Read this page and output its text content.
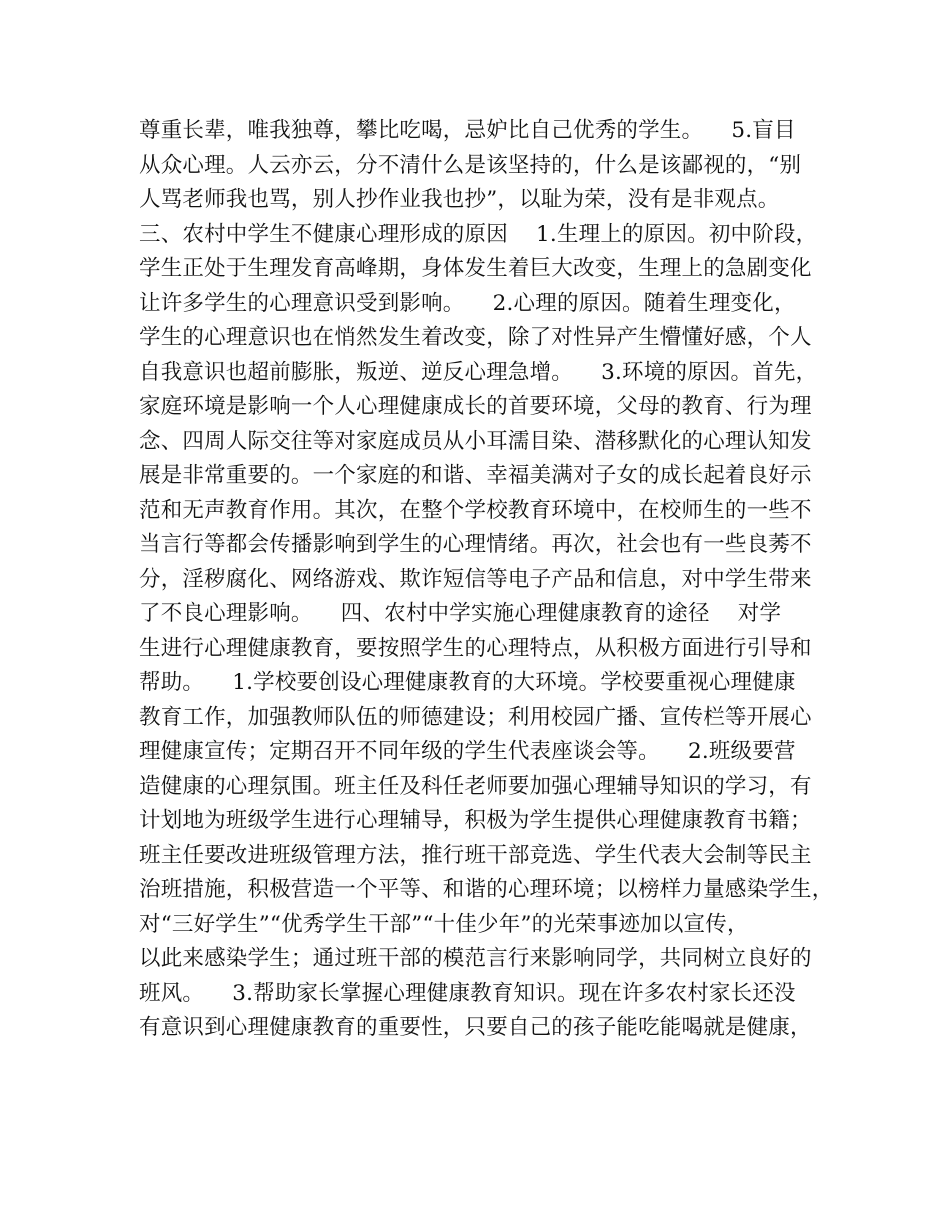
尊重长辈，唯我独尊，攀比吃喝，忌妒比自己优秀的学生。    5.盲目
从众心理。人云亦云，分不清什么是该坚持的，什么是该鄙视的，“别
人骂老师我也骂，别人抄作业我也抄”，以耻为荣，没有是非观点。
三、农村中学生不健康心理形成的原因    1.生理上的原因。初中阶段，
学生正处于生理发育高峰期，身体发生着巨大改变，生理上的急剧变化
让许多学生的心理意识受到影响。    2.心理的原因。随着生理变化，
学生的心理意识也在悄然发生着改变，除了对性异产生懵懂好感，个人
自我意识也超前膨胀，叛逆、逆反心理急增。    3.环境的原因。首先，
家庭环境是影响一个人心理健康成长的首要环境，父母的教育、行为理
念、四周人际交往等对家庭成员从小耳濡目染、潜移默化的心理认知发
展是非常重要的。一个家庭的和谐、幸福美满对子女的成长起着良好示
范和无声教育作用。其次，在整个学校教育环境中，在校师生的一些不
当言行等都会传播影响到学生的心理情绪。再次，社会也有一些良莠不
分，淫秽腐化、网络游戏、欺诈短信等电子产品和信息，对中学生带来
了不良心理影响。    四、农村中学实施心理健康教育的途径    对学
生进行心理健康教育，要按照学生的心理特点，从积极方面进行引导和
帮助。    1.学校要创设心理健康教育的大环境。学校要重视心理健康
教育工作，加强教师队伍的师德建设；利用校园广播、宣传栏等开展心
理健康宣传；定期召开不同年级的学生代表座谈会等。    2.班级要营
造健康的心理氛围。班主任及科任老师要加强心理辅导知识的学习，有
计划地为班级学生进行心理辅导，积极为学生提供心理健康教育书籍；
班主任要改进班级管理方法，推行班干部竞选、学生代表大会制等民主
治班措施，积极营造一个平等、和谐的心理环境；以榜样力量感染学生，
对“三好学生”“优秀学生干部”“十佳少年”的光荣事迹加以宣传，
以此来感染学生；通过班干部的模范言行来影响同学，共同树立良好的
班风。    3.帮助家长掌握心理健康教育知识。现在许多农村家长还没
有意识到心理健康教育的重要性，只要自己的孩子能吃能喝就是健康，
